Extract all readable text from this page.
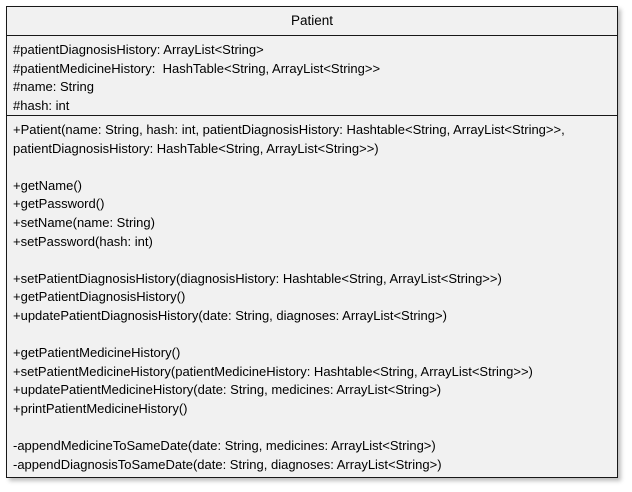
Patient
#patientDiagnosisHistory: ArrayList<String>
#patientMedicineHistory:  HashTable<String, ArrayList<String>>
#name: String
#hash: int
+Patient(name: String, hash: int, patientDiagnosisHistory: Hashtable<String, ArrayList<String>>,
patientDiagnosisHistory: HashTable<String, ArrayList<String>>)
+getName()
+getPassword()
+setName(name: String)
+setPassword(hash: int)
+setPatientDiagnosisHistory(diagnosisHistory: Hashtable<String, ArrayList<String>>)
+getPatientDiagnosisHistory()
+updatePatientDiagnosisHistory(date: String, diagnoses: ArrayList<String>)
+getPatientMedicineHistory()
+setPatientMedicineHistory(patientMedicineHistory: Hashtable<String, ArrayList<String>>)
+updatePatientMedicineHistory(date: String, medicines: ArrayList<String>)
+printPatientMedicineHistory()
-appendMedicineToSameDate(date: String, medicines: ArrayList<String>)
-appendDiagnosisToSameDate(date: String, diagnoses: ArrayList<String>)
